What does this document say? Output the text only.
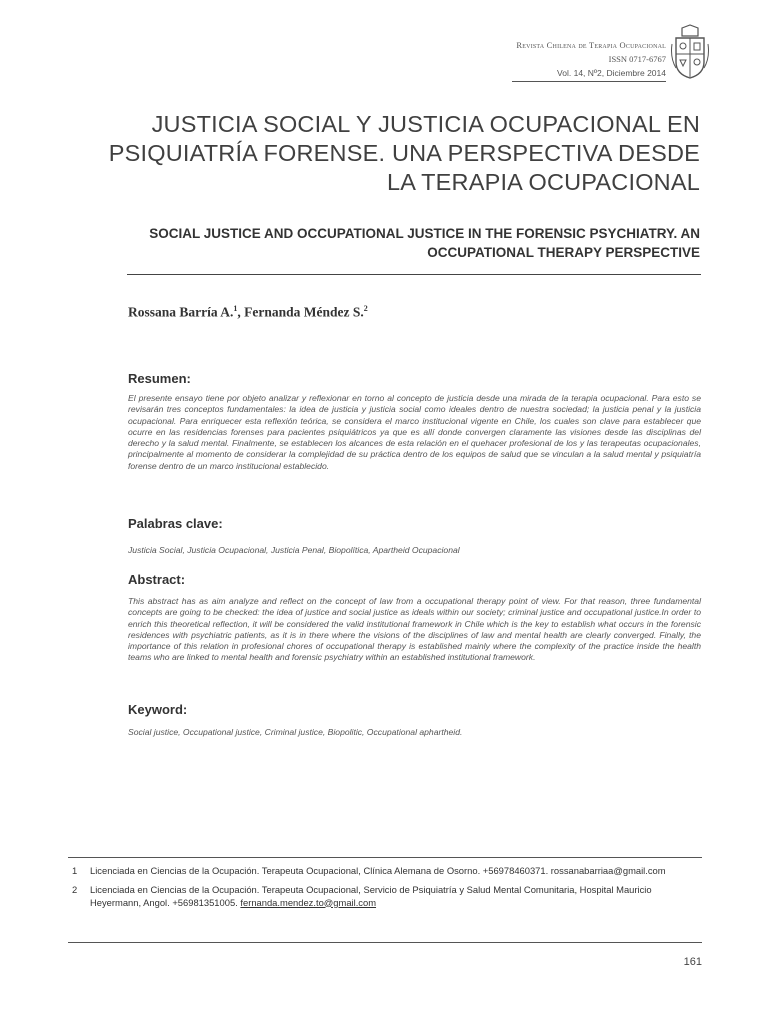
Revista Chilena de Terapia Ocupacional
ISSN 0717-6767
Vol. 14, Nº2, Diciembre 2014
JUSTICIA SOCIAL Y JUSTICIA OCUPACIONAL EN PSIQUIATRÍA FORENSE. UNA PERSPECTIVA DESDE LA TERAPIA OCUPACIONAL
SOCIAL JUSTICE AND OCCUPATIONAL JUSTICE IN THE FORENSIC PSYCHIATRY. AN OCCUPATIONAL THERAPY PERSPECTIVE
Rossana Barría A.$^1$, Fernanda Méndez S.$^2$
Resumen:

El presente ensayo tiene por objeto analizar y reflexionar en torno al concepto de justicia desde una mirada de la terapia ocupacional. Para esto se revisarán tres conceptos fundamentales: la idea de justicia y justicia social como ideales dentro de nuestra sociedad; la justicia penal y la justicia ocupacional. Para enriquecer esta reflexión teórica, se considera el marco institucional vigente en Chile, los cuales son clave para establecer que ocurre en las residencias forenses para pacientes psiquiátricos ya que es allí donde convergen claramente las visiones desde las disciplinas del derecho y la salud mental. Finalmente, se establecen los alcances de esta relación en el quehacer profesional de los y las terapeutas ocupacionales, principalmente al momento de considerar la complejidad de su práctica dentro de los equipos de salud que se vinculan a la salud mental y psiquiatría forense dentro de un marco institucional establecido.

Palabras clave:

Justicia Social, Justicia Ocupacional, Justicia Penal, Biopolítica, Apartheid Ocupacional

Abstract:

This abstract has as aim analyze and reflect on the concept of law from a occupational therapy point of view. For that reason, three fundamental concepts are going to be checked: the idea of justice and social justice as ideals within our society; criminal justice and occupational justice.In order to enrich this theoretical reflection, it will be considered the valid institutional framework in Chile which is the key to establish what occurs in the forensic residences with psychiatric patients, as it is in there where the visions of the disciplines of law and mental health are clearly converged. Finally, the importance of this relation in profesional chores of occupational therapy is established mainly where the complexity of the practice inside the health teams who are linked to mental health and forensic psychiatry within an established institutional framework.

Keyword:

Social justice, Occupational justice, Criminal justice, Biopolitic, Occupational aphartheid.

1	Licenciada en Ciencias de la Ocupación. Terapeuta Ocupacional, Clínica Alemana de Osorno. +56978460371. rossanabarriaa@gmail.com
2	Licenciada en Ciencias de la Ocupación. Terapeuta Ocupacional, Servicio de Psiquiatría y Salud Mental Comunitaria, Hospital Mauricio Heyermann, Angol. +56981351005. fernanda.mendez.to@gmail.com
161
